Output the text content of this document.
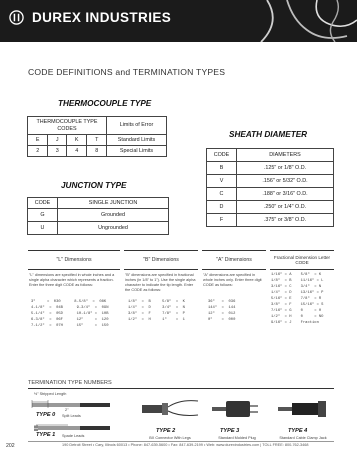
DUREX INDUSTRIES
CODE DEFINITIONS and TERMINATION TYPES
THERMOCOUPLE TYPE
THERMOCOUPLE TYPE CODES				Limits of Error
E	J	K	T	Standard Limits
2	3	4	8	Special Limits
JUNCTION TYPE
CODE	SINGLE JUNCTION
G	Grounded
U	Ungrounded
SHEATH DIAMETER
CODE	DIAMETERS
B	.125" or 1/8" O.D.
V	.156" or 5/32" O.D.
C	.188" or 3/16" O.D.
D	.250" or 1/4" O.D.
F	.375" or 3/8" O.D.
"L" Dimensions	"B" Dimensions	"A" Dimensions	Fractional Dimension Letter CODE
"L" dimensions are specified in whole inches and a single alpha character which represents a fraction. Enter the three digit CODE as follows:
"B" dimensions are specified in fractional inches (in 1/8" to 1"). Use the single alpha character to indicate the tip length. Enter the CODE as follows:
"A" dimensions are specified in whole inches only. Enter three digit CODE as follows:
3"     =  030      8-5/8"  =  08K
4-1/8"  =  04B      9-3/4"  =  09N
5-1/4"  =  05D      10-1/8" =  10B
6-3/8"  =  06F      12"     =  120
7-1/2"  =  07H      15"     =  150
1/8"  =  B     5/8"  =  K
1/4"  =  D     3/4"  =  N
3/8"  =  F     7/8"  =  P
1/2"  =  H     1"    =  1
36"   =  036
144"  =  144
12"   =  012
0"    =  000
1/16" = A    5/8"  = K
1/8"  = B    11/16" = L
3/16" = C    3/4"  = N
1/4"  = D    13/16" = P
5/16" = E    7/8"  = R
3/8"  = F    15/16" = S
7/16" = G    0     = 0
1/2"  = H    0     = NO
9/16" = J    Fraction
TERMINATION TYPE NUMBERS
½" Stripped Length
2"
TYPE 0 Split Leads
TYPE 1 Spade Leads
TYPE 2
BX Connector With Legs
TYPE 3
Standard Molded Plug
TYPE 4
Standard Cable Clamp Jack
202	190 Detroit Street • Cary, Illinois 60013 • Phone: 847-639-5600 • Fax: 847-639-2199 • Web: www.durexindustries.com | TOLL FREE: 800-762-3468
